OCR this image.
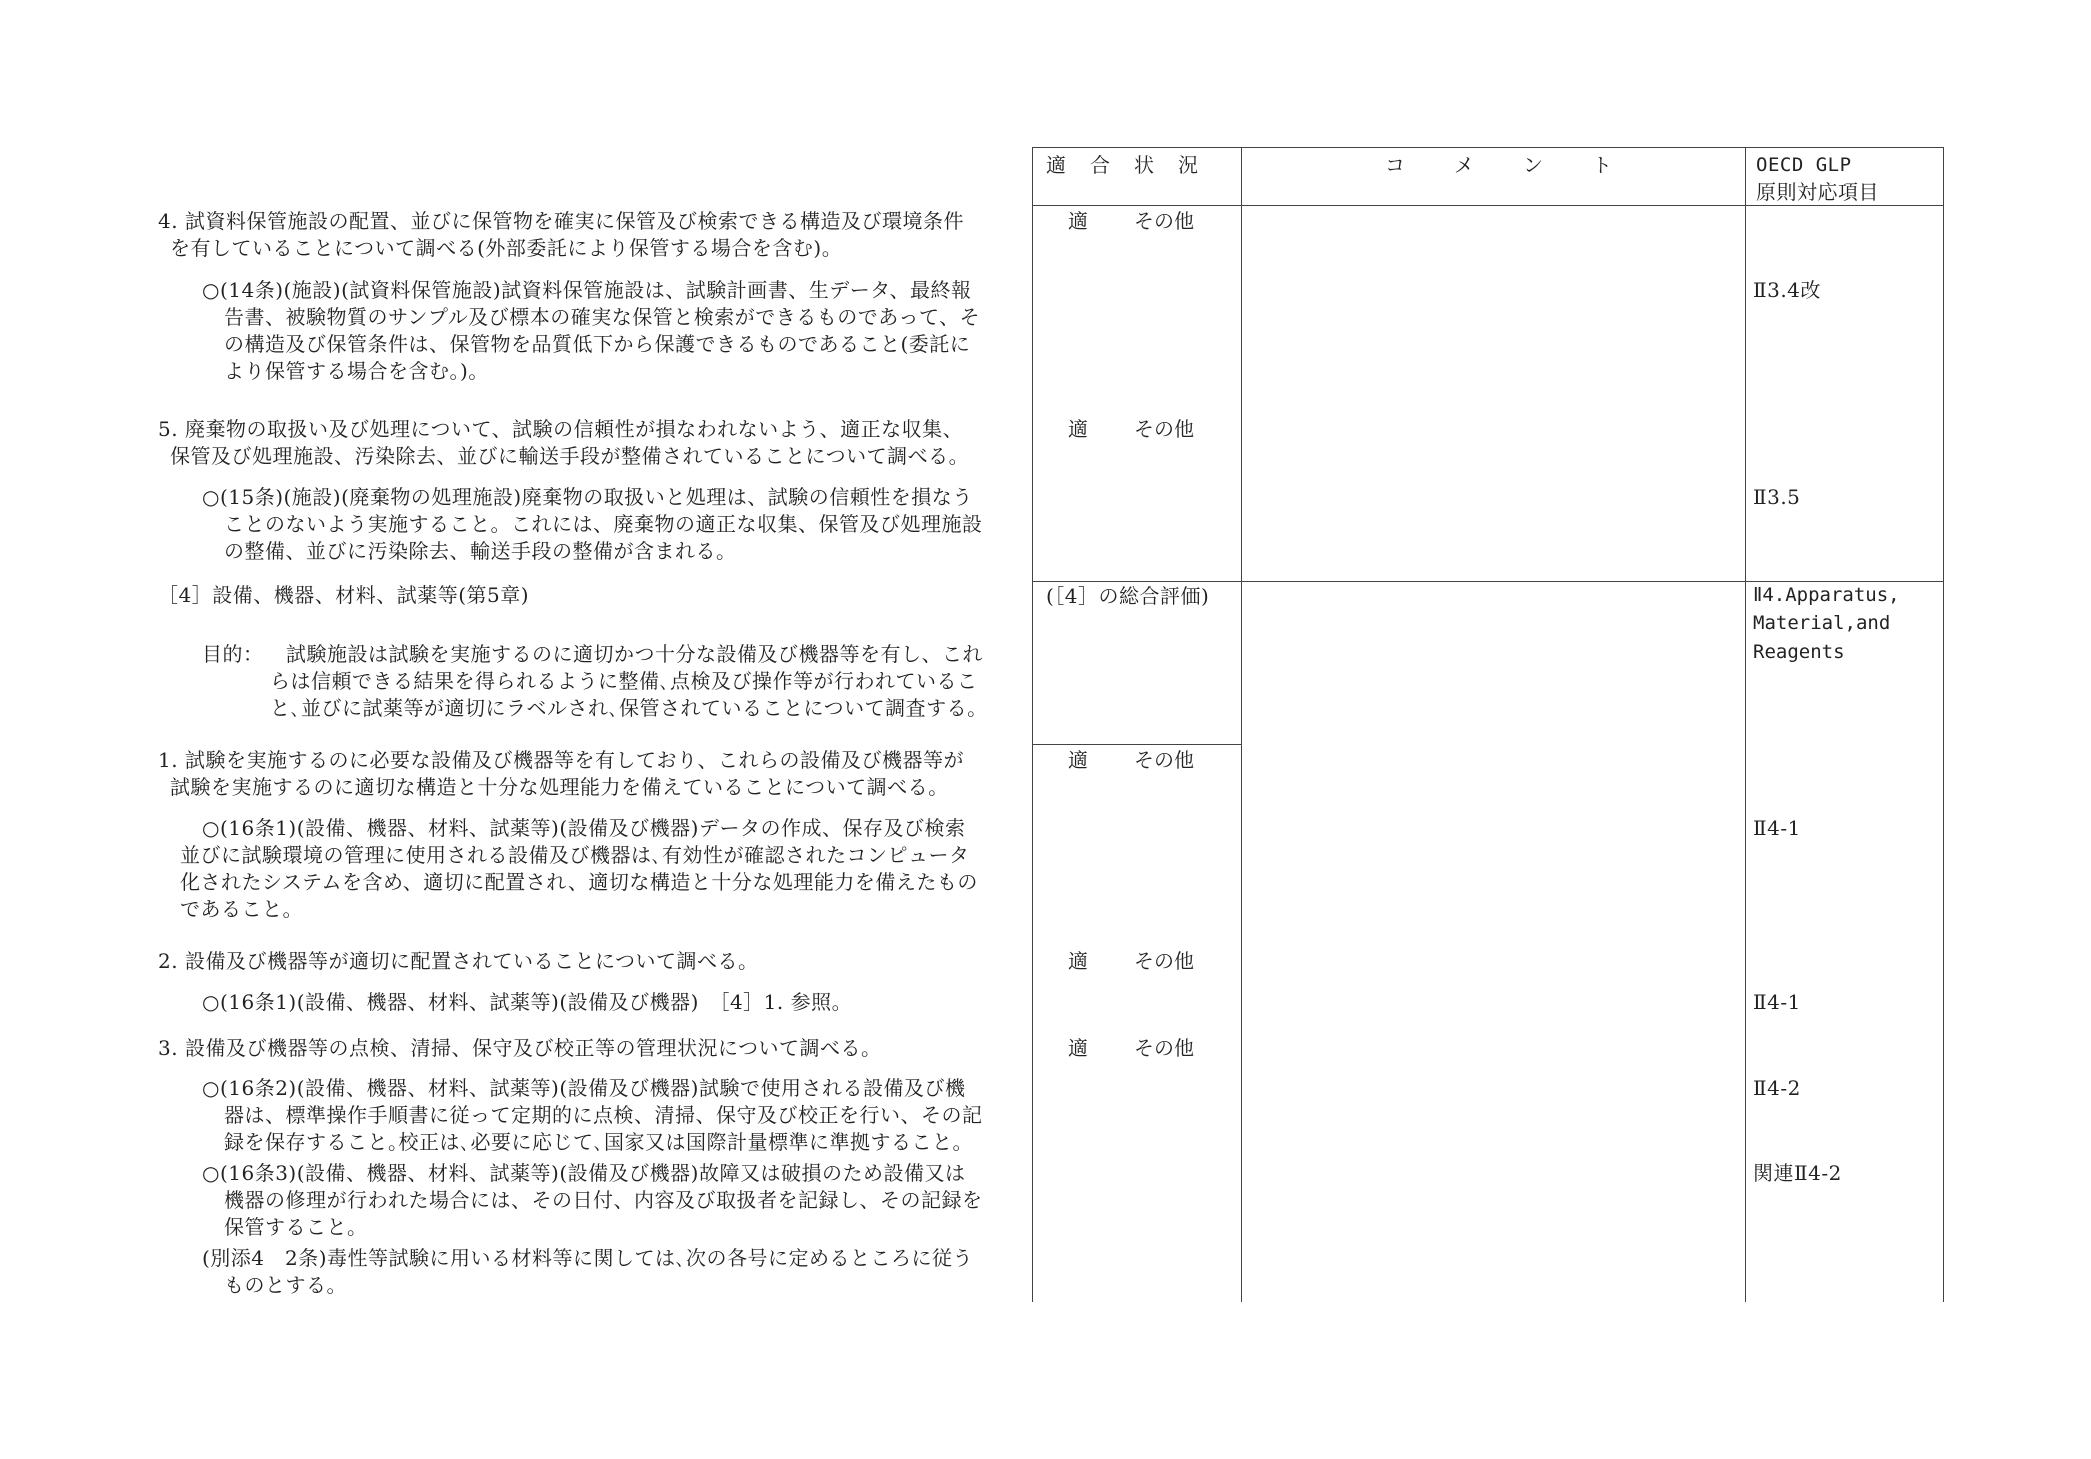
適　合　状　況	コ　　メ　　ン　　ト	OECD GLP
原則対応項目
4. 試資料保管施設の配置、並びに保管物を確実に保管及び検索できる構造及び環境条件
を有していることについて調べる(外部委託により保管する場合を含む)。
○(14条)(施設)(試資料保管施設)試資料保管施設は、試験計画書、生データ、最終報
告書、被験物質のサンプル及び標本の確実な保管と検索ができるものであって、そ
の構造及び保管条件は、保管物を品質低下から保護できるものであること(委託に
より保管する場合を含む。)。
5. 廃棄物の取扱い及び処理について、試験の信頼性が損なわれないよう、適正な収集、
保管及び処理施設、汚染除去、並びに輸送手段が整備されていることについて調べる。
○(15条)(施設)(廃棄物の処理施設)廃棄物の取扱いと処理は、試験の信頼性を損なう
ことのないよう実施すること。これには、廃棄物の適正な収集、保管及び処理施設
の整備、並びに汚染除去、輸送手段の整備が含まれる。
［4］設備、機器、材料、試薬等(第5章)
目的： 試験施設は試験を実施するのに適切かつ十分な設備及び機器等を有し、これ
らは信頼できる結果を得られるように整備､点検及び操作等が行われているこ
と､並びに試薬等が適切にラベルされ､保管されていることについて調査する。
1. 試験を実施するのに必要な設備及び機器等を有しており、これらの設備及び機器等が
試験を実施するのに適切な構造と十分な処理能力を備えていることについて調べる。
○(16条1)(設備、機器、材料、試薬等)(設備及び機器)データの作成、保存及び検索
並びに試験環境の管理に使用される設備及び機器は､有効性が確認されたコンピュータ
化されたシステムを含め、適切に配置され、適切な構造と十分な処理能力を備えたもの
であること。
2. 設備及び機器等が適切に配置されていることについて調べる。
○(16条1)(設備、機器、材料、試薬等)(設備及び機器)　［4］1. 参照。
3. 設備及び機器等の点検、清掃、保守及び校正等の管理状況について調べる。
○(16条2)(設備、機器、材料、試薬等)(設備及び機器)試験で使用される設備及び機
器は、標準操作手順書に従って定期的に点検、清掃、保守及び校正を行い、その記
録を保存すること｡校正は､必要に応じて､国家又は国際計量標準に準拠すること。
○(16条3)(設備、機器、材料、試薬等)(設備及び機器)故障又は破損のため設備又は
機器の修理が行われた場合には、その日付、内容及び取扱者を記録し、その記録を
保管すること。
(別添4　2条)毒性等試験に用いる材料等に関しては､次の各号に定めるところに従う
ものとする。
適 その他
適 その他
(［4］の総合評価)
適 その他
適 その他
適 その他
Ⅱ3.4改
Ⅱ3.5
Ⅱ4.Apparatus,
Material,and
Reagents
Ⅱ4-1
Ⅱ4-1
Ⅱ4-2
関連Ⅱ4-2
